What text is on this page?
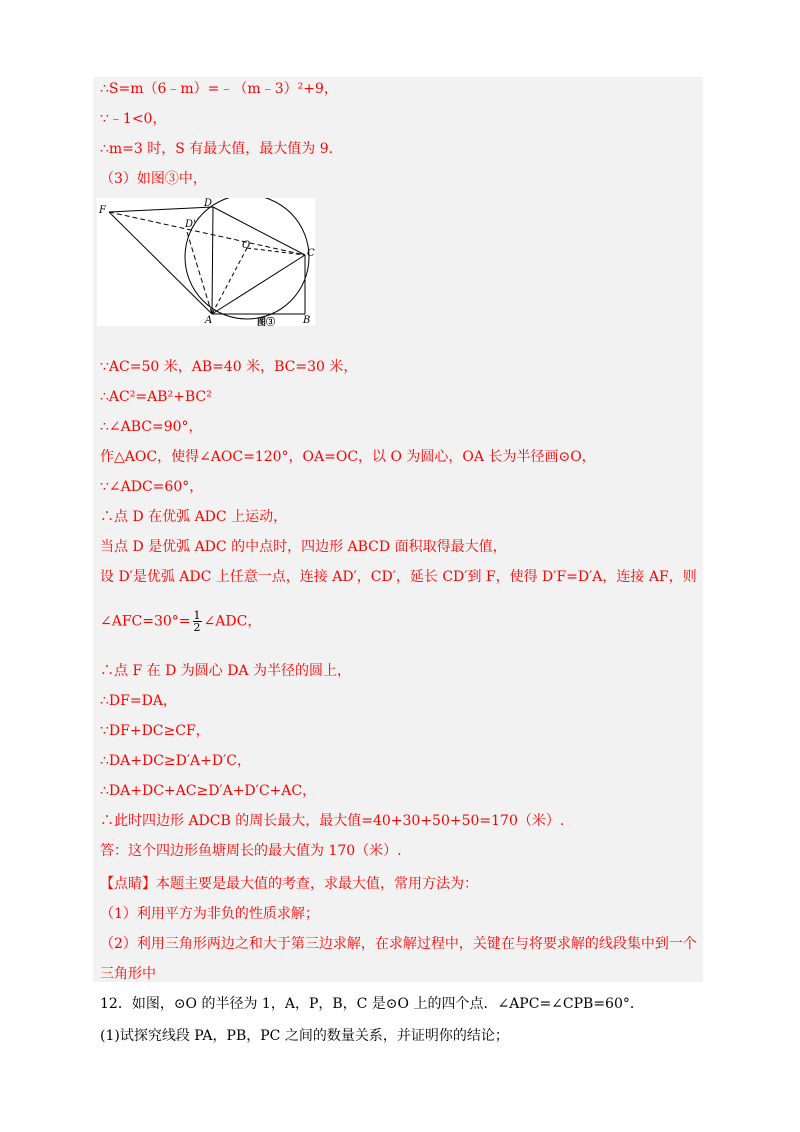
∴S=m（6﹣m）=﹣（m﹣3）²+9，
∵﹣1<0，
∴m=3 时，S 有最大值，最大值为 9.
（3）如图③中，
F
D
D'
O
C
A	B
图③
∵AC=50 米，AB=40 米，BC=30 米，
∴AC²=AB²+BC²
∴∠ABC=90°，
作△AOC，使得∠AOC=120°，OA=OC，以 O 为圆心，OA 长为半径画⊙O，
∵∠ADC=60°，
∴点 D 在优弧 ADC 上运动，
当点 D 是优弧 ADC 的中点时，四边形 ABCD 面积取得最大值，
设 D′是优弧 ADC 上任意一点，连接 AD′，CD′，延长 CD′到 F，使得 D′F=D′A，连接 AF，则
∠AFC=30°= $\frac{1}{2}$ ∠ADC，
∴点 F 在 D 为圆心 DA 为半径的圆上，
∴DF=DA，
∵DF+DC≥CF，
∴DA+DC≥D′A+D′C，
∴DA+DC+AC≥D′A+D′C+AC，
∴此时四边形 ADCB 的周长最大，最大值=40+30+50+50=170（米）.
答：这个四边形鱼塘周长的最大值为 170（米）.
【点睛】本题主要是最大值的考查，求最大值，常用方法为：
（1）利用平方为非负的性质求解；
（2）利用三角形两边之和大于第三边求解，在求解过程中，关键在与将要求解的线段集中到一个
三角形中
12．如图，⊙O 的半径为 1，A，P，B，C 是⊙O 上的四个点．∠APC=∠CPB=60°．
(1)试探究线段 PA，PB，PC 之间的数量关系，并证明你的结论；
